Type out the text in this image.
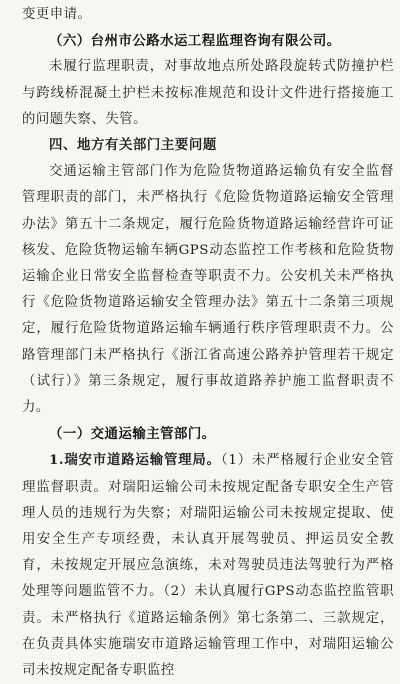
变更申请。

（六）台州市公路水运工程监理咨询有限公司。

未履行监理职责，对事故地点所处路段旋转式防撞护栏与跨线桥混凝土护栏未按标准规范和设计文件进行搭接施工的问题失察、失管。

四、地方有关部门主要问题

交通运输主管部门作为危险货物道路运输负有安全监督管理职责的部门，未严格执行《危险货物道路运输安全管理办法》第五十二条规定，履行危险货物道路运输经营许可证核发、危险货物运输车辆GPS动态监控工作考核和危险货物运输企业日常安全监督检查等职责不力。公安机关未严格执行《危险货物道路运输安全管理办法》第五十二条第三项规定，履行危险货物道路运输车辆通行秩序管理职责不力。公路管理部门未严格执行《浙江省高速公路养护管理若干规定（试行）》第三条规定，履行事故道路养护施工监督职责不力。

（一）交通运输主管部门。

1.瑞安市道路运输管理局。（1）未严格履行企业安全管理监督职责。对瑞阳运输公司未按规定配备专职安全生产管理人员的违规行为失察；对瑞阳运输公司未按规定提取、使用安全生产专项经费，未认真开展驾驶员、押运员安全教育，未按规定开展应急演练，未对驾驶员违法驾驶行为严格处理等问题监管不力。（2）未认真履行GPS动态监控监管职责。未严格执行《道路运输条例》第七条第二、三款规定，在负责具体实施瑞安市道路运输管理工作中，对瑞阳运输公司未按规定配备专职监控
